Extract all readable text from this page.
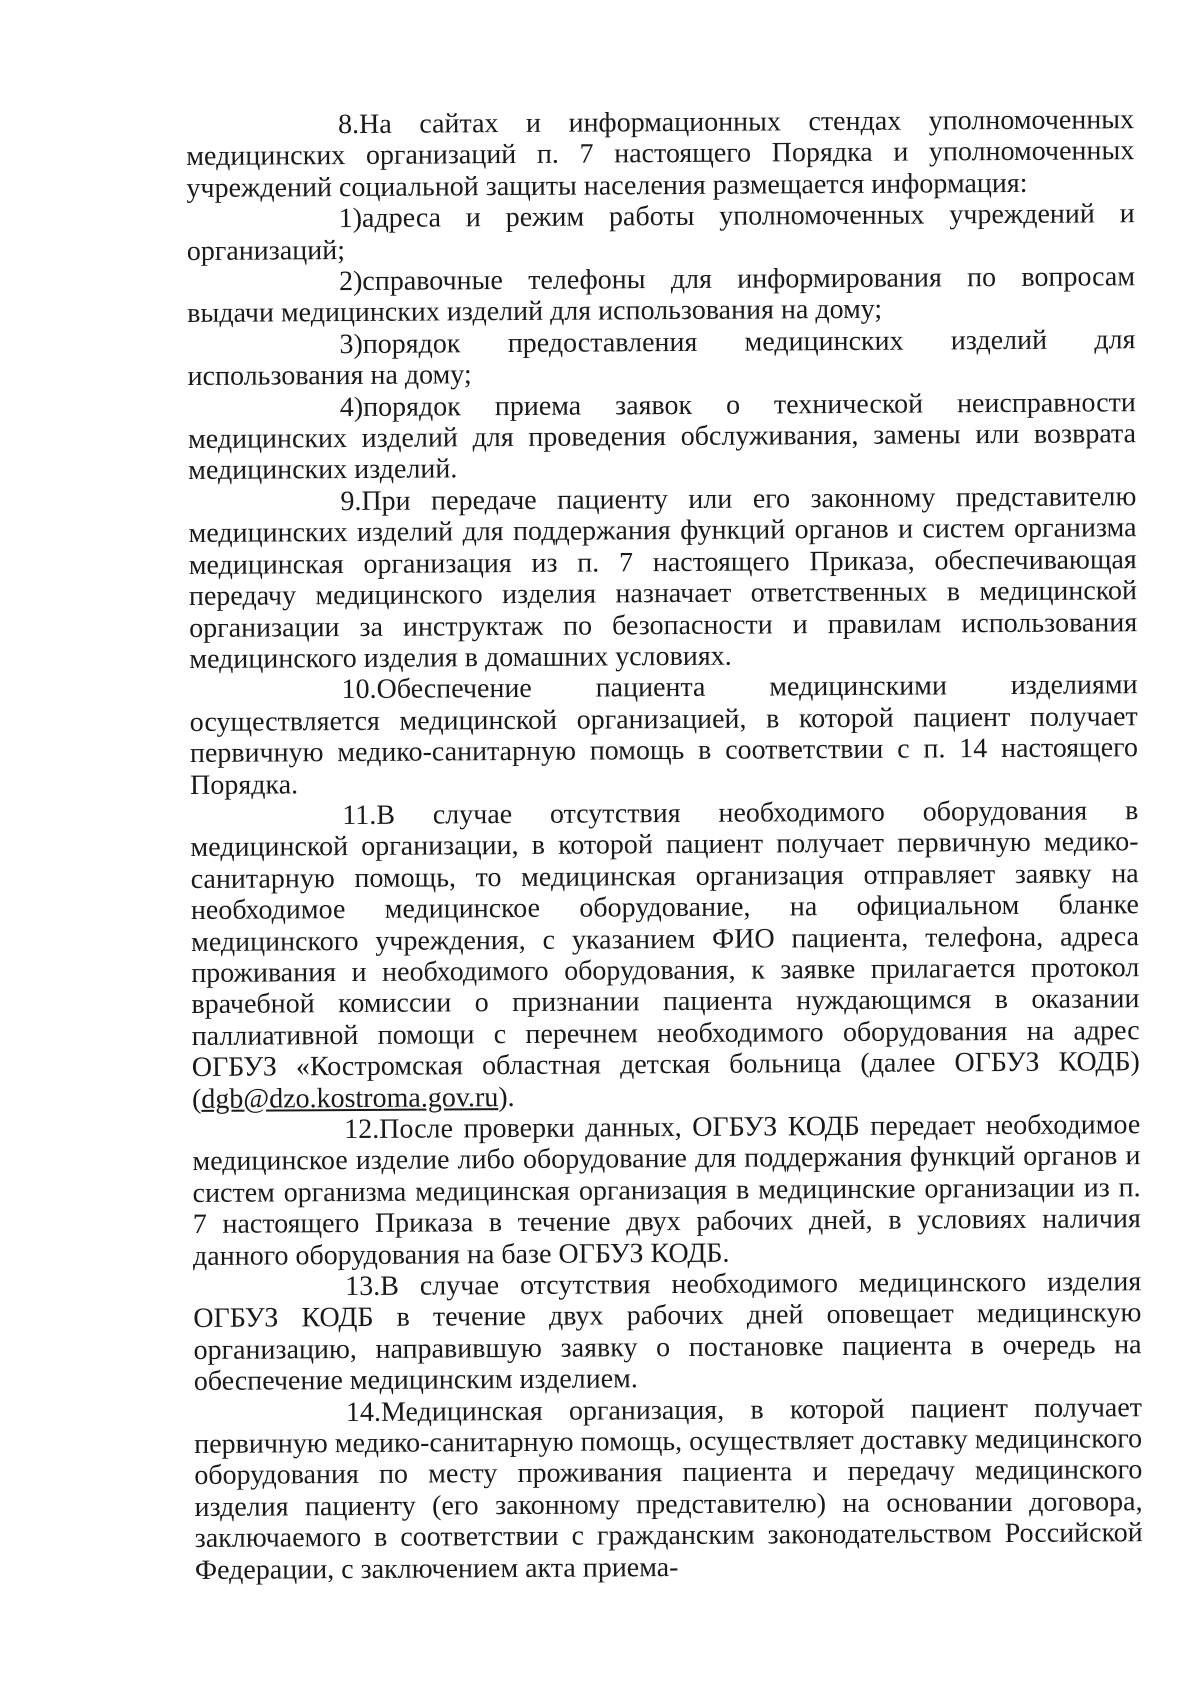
8.На сайтах и информационных стендах уполномоченных медицинских организаций п. 7 настоящего Порядка и уполномоченных учреждений социальной защиты населения размещается информация:

1)адреса и режим работы уполномоченных учреждений и организаций;

2)справочные телефоны для информирования по вопросам выдачи медицинских изделий для использования на дому;

3)порядок предоставления медицинских изделий для использования на дому;

4)порядок приема заявок о технической неисправности медицинских изделий для проведения обслуживания, замены или возврата медицинских изделий.

9.При передаче пациенту или его законному представителю медицинских изделий для поддержания функций органов и систем организма медицинская организация из п. 7 настоящего Приказа, обеспечивающая передачу медицинского изделия назначает ответственных в медицинской организации за инструктаж по безопасности и правилам использования медицинского изделия в домашних условиях.

10.Обеспечение пациента медицинскими изделиями осуществляется медицинской организацией, в которой пациент получает первичную медико-санитарную помощь в соответствии с п. 14 настоящего Порядка.

11.В случае отсутствия необходимого оборудования в медицинской организации, в которой пациент получает первичную медико-санитарную помощь, то медицинская организация отправляет заявку на необходимое медицинское оборудование, на официальном бланке медицинского учреждения, с указанием ФИО пациента, телефона, адреса проживания и необходимого оборудования, к заявке прилагается протокол врачебной комиссии о признании пациента нуждающимся в оказании паллиативной помощи с перечнем необходимого оборудования на адрес ОГБУЗ «Костромская областная детская больница (далее ОГБУЗ КОДБ) (dgb@dzo.kostroma.gov.ru).

12.После проверки данных, ОГБУЗ КОДБ передает необходимое медицинское изделие либо оборудование для поддержания функций органов и систем организма медицинская организация в медицинские организации из п. 7 настоящего Приказа в течение двух рабочих дней, в условиях наличия данного оборудования на базе ОГБУЗ КОДБ.

13.В случае отсутствия необходимого медицинского изделия ОГБУЗ КОДБ в течение двух рабочих дней оповещает медицинскую организацию, направившую заявку о постановке пациента в очередь на обеспечение медицинским изделием.

14.Медицинская организация, в которой пациент получает первичную медико-санитарную помощь, осуществляет доставку медицинского оборудования по месту проживания пациента и передачу медицинского изделия пациенту (его законному представителю) на основании договора, заключаемого в соответствии с гражданским законодательством Российской Федерации, с заключением акта приема-
